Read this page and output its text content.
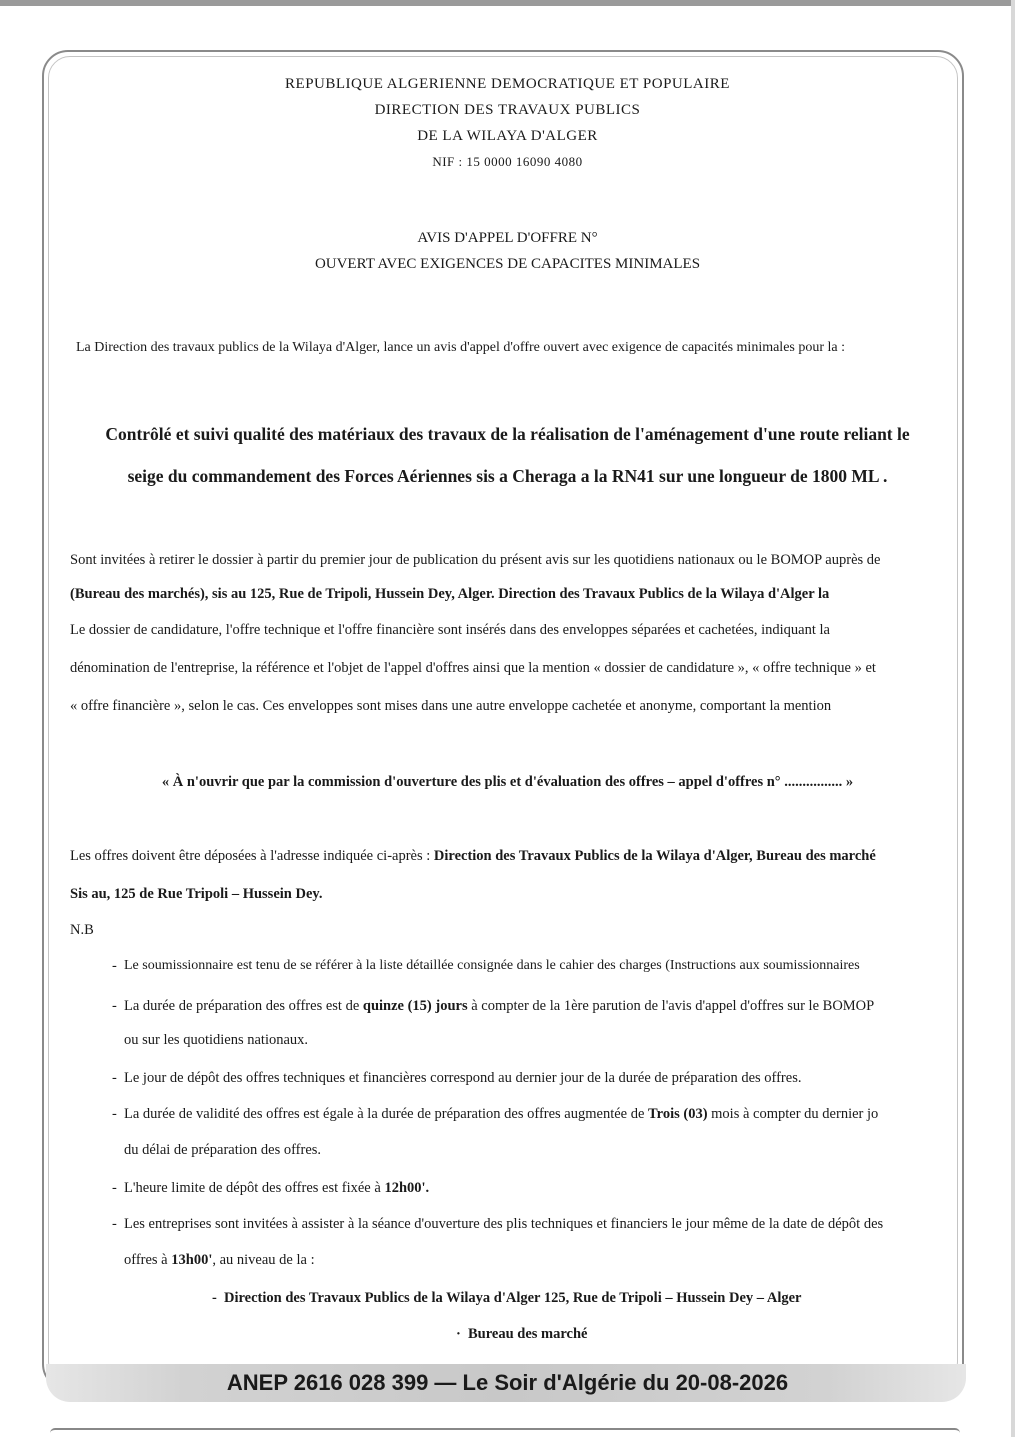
REPUBLIQUE ALGERIENNE DEMOCRATIQUE ET POPULAIRE
DIRECTION DES TRAVAUX PUBLICS
DE LA WILAYA D'ALGER
NIF : 15 0000 16090 4080
AVIS D'APPEL D'OFFRE N°
OUVERT AVEC EXIGENCES DE CAPACITES MINIMALES
La Direction des travaux publics de la Wilaya d'Alger, lance un avis d'appel d'offre ouvert avec exigence de capacités minimales pour la :
Contrôlé et suivi qualité des matériaux des travaux de la réalisation de l'aménagement d'une route reliant le
seige du commandement des Forces Aériennes sis a Cheraga a la RN41 sur une longueur de 1800 ML .
Sont invitées à retirer le dossier à partir du premier jour de publication du présent avis sur les quotidiens nationaux ou le BOMOP auprès de
(Bureau des marchés), sis au 125, Rue de Tripoli, Hussein Dey, Alger. Direction des Travaux Publics de la Wilaya d'Alger la
Le dossier de candidature, l'offre technique et l'offre financière sont insérés dans des enveloppes séparées et cachetées, indiquant la
dénomination de l'entreprise, la référence et l'objet de l'appel d'offres ainsi que la mention « dossier de candidature », « offre technique » et
« offre financière », selon le cas. Ces enveloppes sont mises dans une autre enveloppe cachetée et anonyme, comportant la mention
« À n'ouvrir que par la commission d'ouverture des plis et d'évaluation des offres – appel d'offres n° ................ »
Les offres doivent être déposées à l'adresse indiquée ci-après : Direction des Travaux Publics de la Wilaya d'Alger, Bureau des marché
Sis au, 125 de Rue Tripoli – Hussein Dey.
N.B
- Le soumissionnaire est tenu de se référer à la liste détaillée consignée dans le cahier des charges (Instructions aux soumissionnaires
- La durée de préparation des offres est de quinze (15) jours à compter de la 1ère parution de l'avis d'appel d'offres sur le BOMOP
ou sur les quotidiens nationaux.
- Le jour de dépôt des offres techniques et financières correspond au dernier jour de la durée de préparation des offres.
- La durée de validité des offres est égale à la durée de préparation des offres augmentée de Trois (03) mois à compter du dernier jo
du délai de préparation des offres.
- L'heure limite de dépôt des offres est fixée à 12h00'.
- Les entreprises sont invitées à assister à la séance d'ouverture des plis techniques et financiers le jour même de la date de dépôt des
offres à 13h00', au niveau de la :
- Direction des Travaux Publics de la Wilaya d'Alger 125, Rue de Tripoli – Hussein Dey – Alger
· Bureau des marché
ANEP 2616 028 399 — Le Soir d'Algérie du 20-08-2026
